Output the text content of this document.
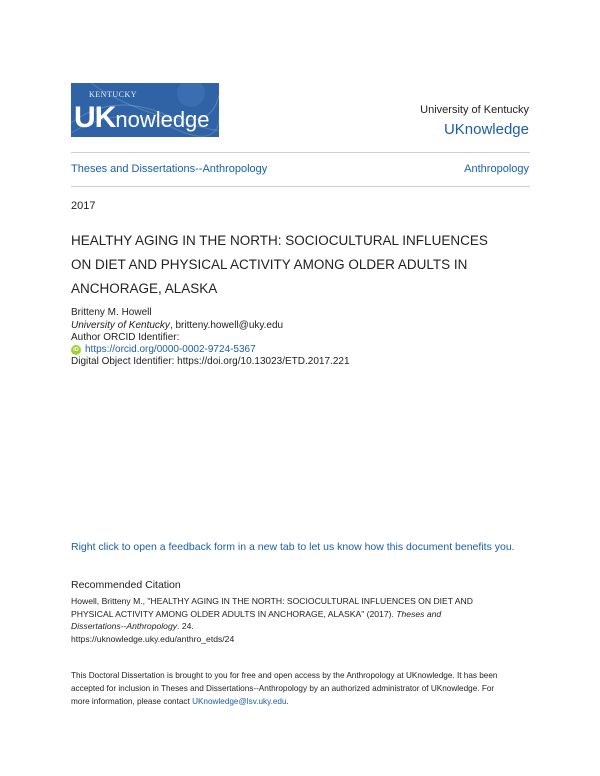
KENTUCKY
UKnowledge	University of Kentucky
UKnowledge
Theses and Dissertations--Anthropology	Anthropology
2017
HEALTHY AGING IN THE NORTH: SOCIOCULTURAL INFLUENCES
ON DIET AND PHYSICAL ACTIVITY AMONG OLDER ADULTS IN
ANCHORAGE, ALASKA
Britteny M. Howell
University of Kentucky, britteny.howell@uky.edu
Author ORCID Identifier:
iD https://orcid.org/0000-0002-9724-5367
Digital Object Identifier: https://doi.org/10.13023/ETD.2017.221
Right click to open a feedback form in a new tab to let us know how this document benefits you.
Recommended Citation
Howell, Britteny M., "HEALTHY AGING IN THE NORTH: SOCIOCULTURAL INFLUENCES ON DIET AND
PHYSICAL ACTIVITY AMONG OLDER ADULTS IN ANCHORAGE, ALASKA" (2017). Theses and
Dissertations--Anthropology. 24.
https://uknowledge.uky.edu/anthro_etds/24
This Doctoral Dissertation is brought to you for free and open access by the Anthropology at UKnowledge. It has been
accepted for inclusion in Theses and Dissertations--Anthropology by an authorized administrator of UKnowledge. For
more information, please contact UKnowledge@lsv.uky.edu.
